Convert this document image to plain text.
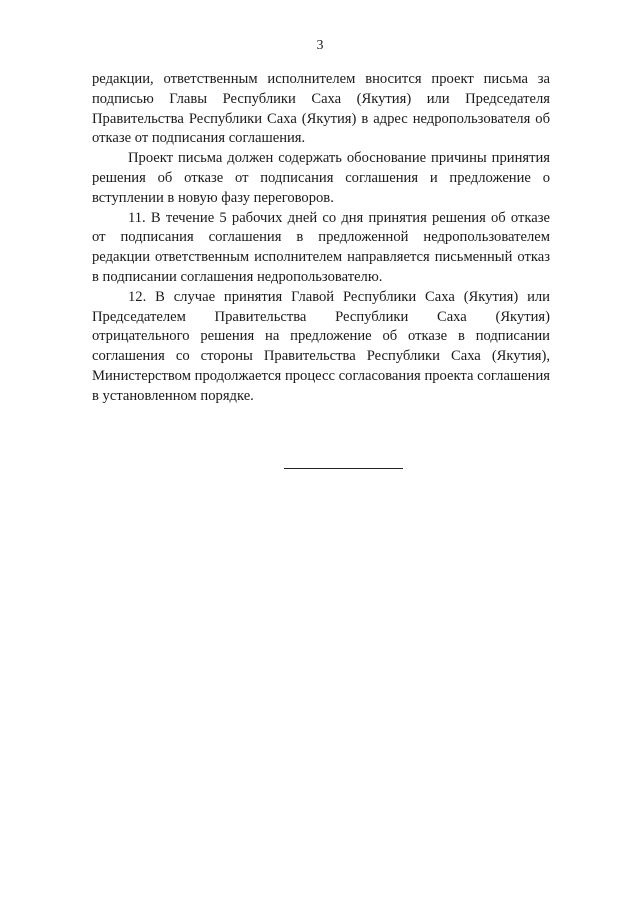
3

редакции, ответственным исполнителем вносится проект письма за подписью Главы Республики Саха (Якутия) или Председателя Правительства Республики Саха (Якутия) в адрес недропользователя об отказе от подписания соглашения.

Проект письма должен содержать обоснование причины принятия решения об отказе от подписания соглашения и предложение о вступлении в новую фазу переговоров.

11. В течение 5 рабочих дней со дня принятия решения об отказе от подписания соглашения в предложенной недропользователем редакции ответственным исполнителем направляется письменный отказ в подписании соглашения недропользователю.

12. В случае принятия Главой Республики Саха (Якутия) или Председателем Правительства Республики Саха (Якутия) отрицательного решения на предложение об отказе в подписании соглашения со стороны Правительства Республики Саха (Якутия), Министерством продолжается процесс согласования проекта соглашения в установленном порядке.
